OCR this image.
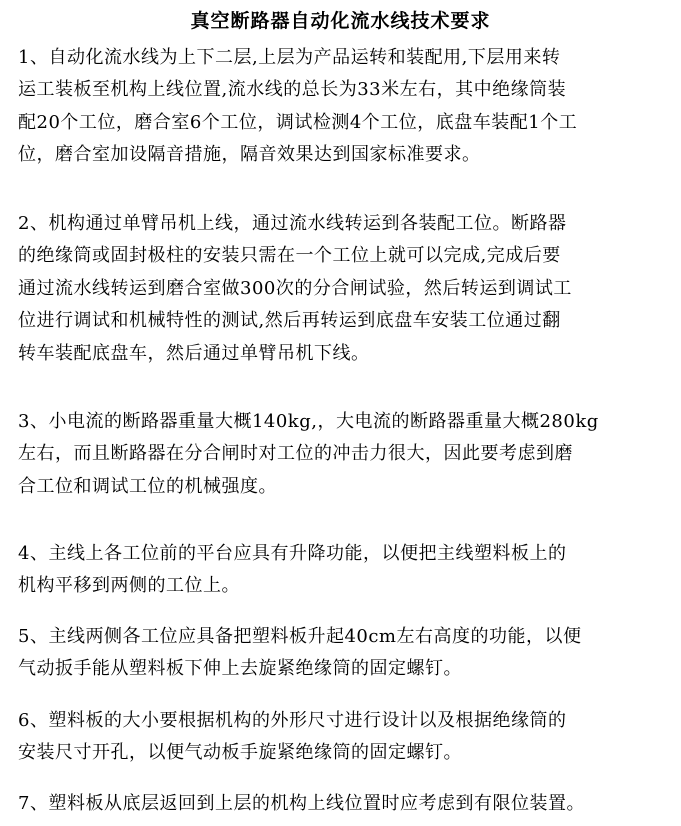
真空断路器自动化流水线技术要求
1、自动化流水线为上下二层,上层为产品运转和装配用,下层用来转
运工装板至机构上线位置,流水线的总长为33米左右，其中绝缘筒装
配20个工位，磨合室6个工位，调试检测4个工位，底盘车装配1个工
位，磨合室加设隔音措施，隔音效果达到国家标准要求。
2、机构通过单臂吊机上线，通过流水线转运到各装配工位。断路器
的绝缘筒或固封极柱的安装只需在一个工位上就可以完成,完成后要
通过流水线转运到磨合室做300次的分合闸试验，然后转运到调试工
位进行调试和机械特性的测试,然后再转运到底盘车安装工位通过翻
转车装配底盘车，然后通过单臂吊机下线。
3、小电流的断路器重量大概140kg,，大电流的断路器重量大概280kg
左右，而且断路器在分合闸时对工位的冲击力很大，因此要考虑到磨
合工位和调试工位的机械强度。
4、主线上各工位前的平台应具有升降功能，以便把主线塑料板上的
机构平移到两侧的工位上。
5、主线两侧各工位应具备把塑料板升起40cm左右高度的功能，以便
气动扳手能从塑料板下伸上去旋紧绝缘筒的固定螺钉。
6、塑料板的大小要根据机构的外形尺寸进行设计以及根据绝缘筒的
安装尺寸开孔，以便气动板手旋紧绝缘筒的固定螺钉。
7、塑料板从底层返回到上层的机构上线位置时应考虑到有限位装置。
